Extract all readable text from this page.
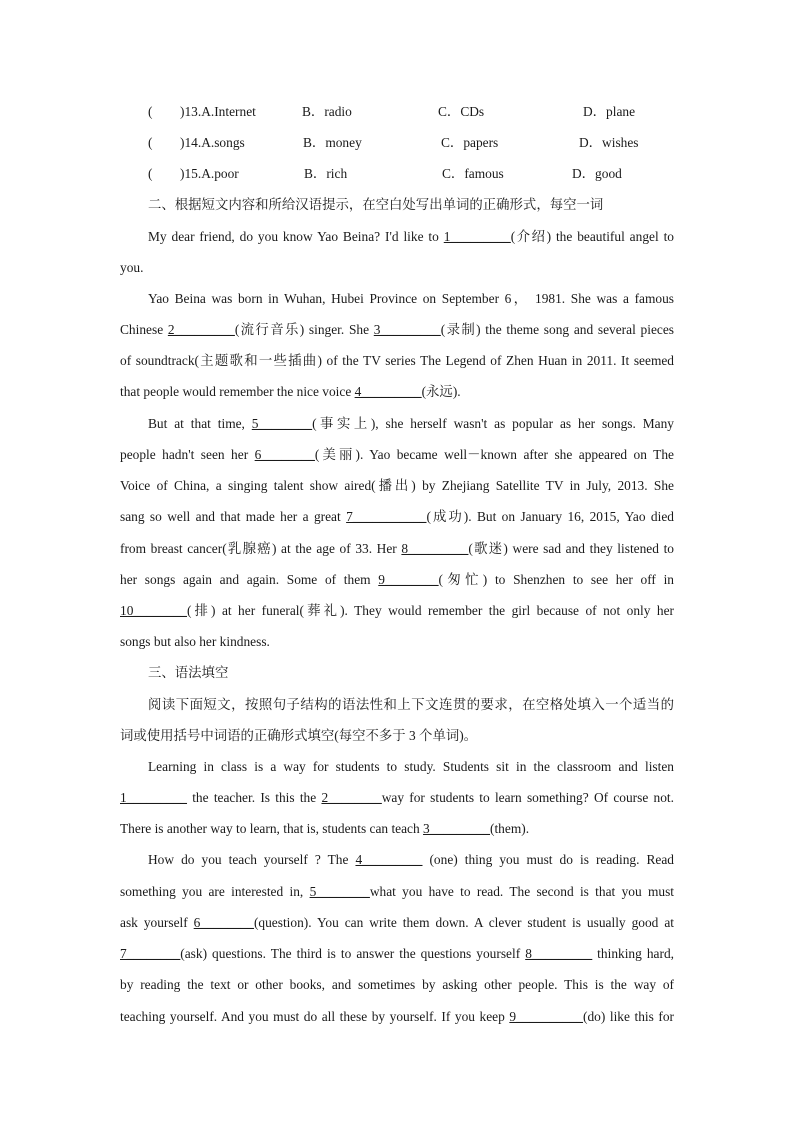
( )13.A.Internet	B．radio	C．CDs	D．plane
( )14.A.songs	B．money	C．papers	D．wishes
( )15.A.poor	B．rich	C．famous	D．good
二、根据短文内容和所给汉语提示，在空白处写出单词的正确形式，每空一词
My dear friend, do you know Yao Beina? I'd like to 1_________(介绍) the beautiful angel to
you.
Yao Beina was born in Wuhan, Hubei Province on September 6， 1981. She was a famous
Chinese 2_________(流行音乐) singer. She 3_________(录制) the theme song and several pieces
of soundtrack(主题歌和一些插曲) of the TV series The Legend of Zhen Huan in 2011. It seemed
that people would remember the nice voice 4_________(永远).
But at that time, 5________(事实上), she herself wasn't as popular as her songs. Many
people hadn't seen her 6________(美丽). Yao became well－known after she appeared on The
Voice of China, a singing talent show aired(播出) by Zhejiang Satellite TV in July, 2013. She
sang so well and that made her a great 7___________(成功). But on January 16, 2015, Yao died
from breast cancer(乳腺癌) at the age of 33. Her 8_________(歌迷) were sad and they listened to
her songs again and again. Some of them 9________(匆忙) to Shenzhen to see her off in
10________(排) at her funeral(葬礼). They would remember the girl because of not only her
songs but also her kindness.
三、语法填空
阅读下面短文，按照句子结构的语法性和上下文连贯的要求，在空格处填入一个适当的
词或使用括号中词语的正确形式填空(每空不多于 3 个单词)。
Learning in class is a way for students to study. Students sit in the classroom and listen
1_________ the teacher. Is this the 2________way for students to learn something? Of course not.
There is another way to learn, that is, students can teach 3_________(them).
How do you teach yourself ? The 4_________ (one) thing you must do is reading. Read
something you are interested in, 5________what you have to read. The second is that you must
ask yourself 6________(question). You can write them down. A clever student is usually good at
7________(ask) questions. The third is to answer the questions yourself 8_________ thinking hard,
by reading the text or other books, and sometimes by asking other people. This is the way of
teaching yourself. And you must do all these by yourself. If you keep 9__________(do) like this for
